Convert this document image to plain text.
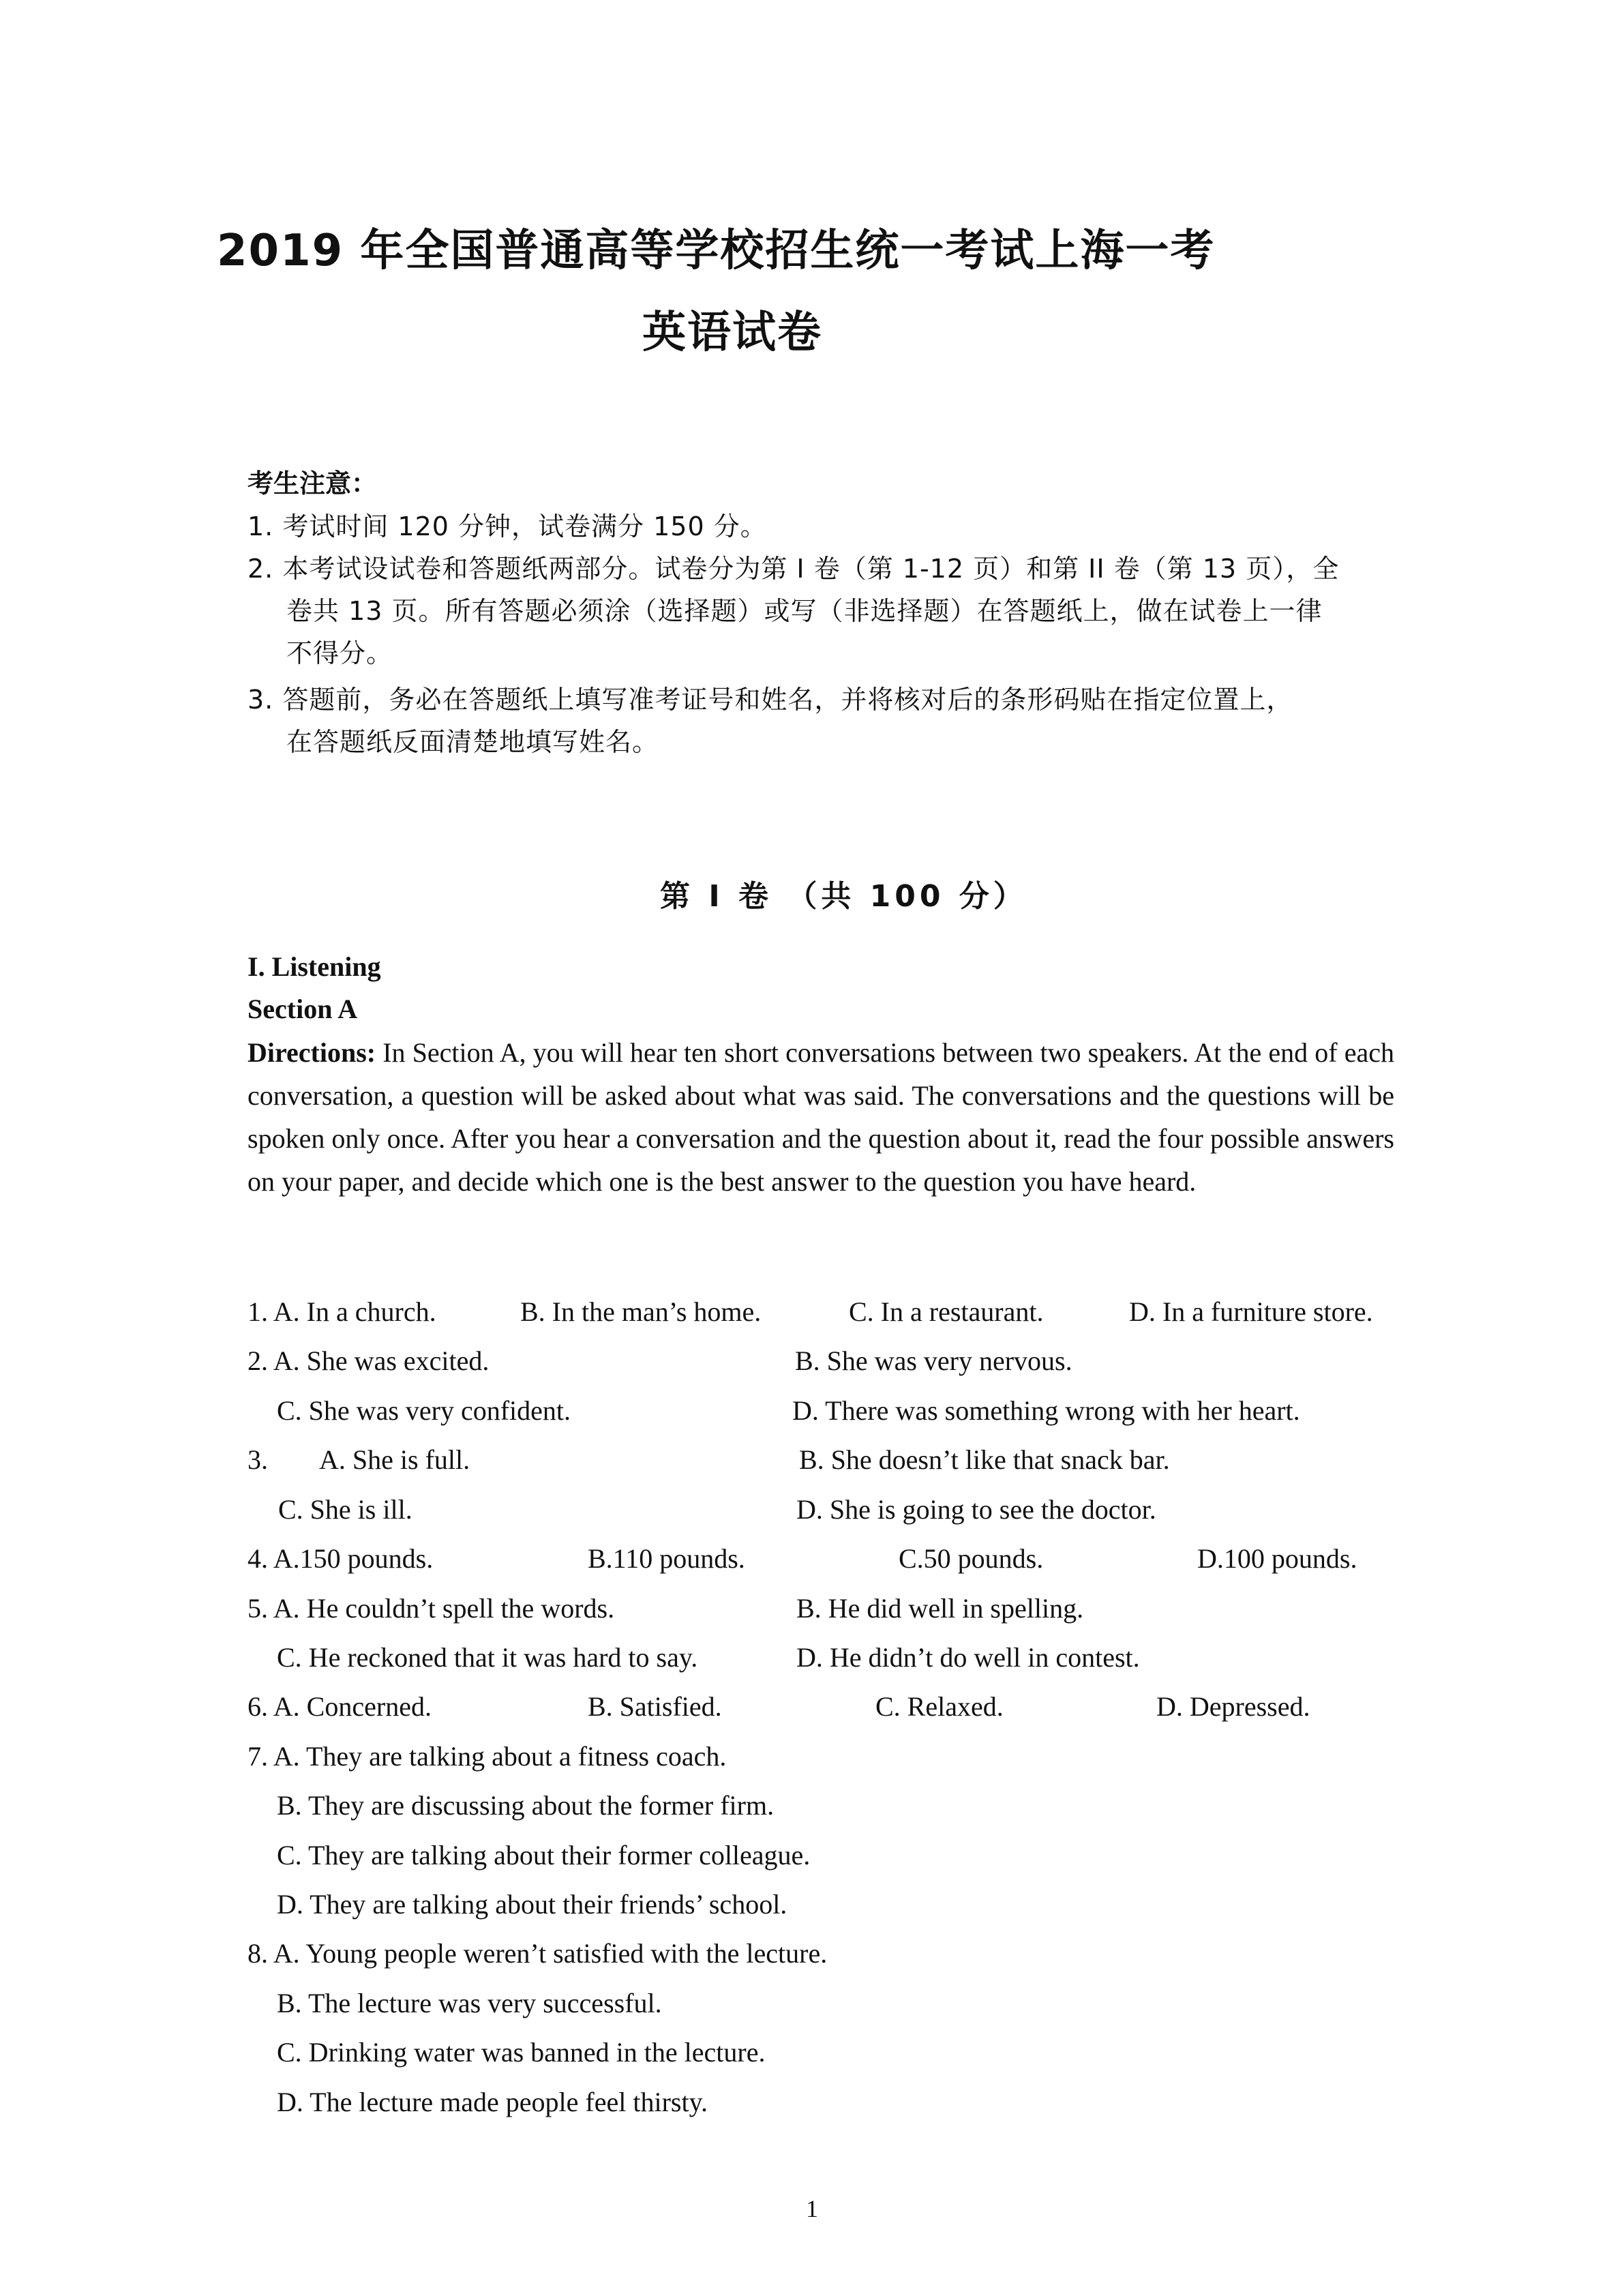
2019 年全国普通高等学校招生统一考试上海一考
英语试卷
考生注意：
1. 考试时间 120 分钟，试卷满分 150 分。
2. 本考试设试卷和答题纸两部分。试卷分为第 I 卷（第 1-12 页）和第 II 卷（第 13 页），全
卷共 13 页。所有答题必须涂（选择题）或写（非选择题）在答题纸上，做在试卷上一律
不得分。
3. 答题前，务必在答题纸上填写准考证号和姓名，并将核对后的条形码贴在指定位置上，
在答题纸反面清楚地填写姓名。
第 I 卷 （共 100 分）
I. Listening
Section A

Directions: In Section A, you will hear ten short conversations between two speakers. At the end of each conversation, a question will be asked about what was said. The conversations and the questions will be spoken only once. After you hear a conversation and the question about it, read the four possible answers on your paper, and decide which one is the best answer to the question you have heard.

1. A. In a church.	B. In the man’s home.	C. In a restaurant.	D. In a furniture store.
2. A. She was excited.	B. She was very nervous.
C. She was very confident.	D. There was something wrong with her heart.
3. A. She is full.	B. She doesn’t like that snack bar.
C. She is ill.	D. She is going to see the doctor.
4. A.150 pounds.	B.110 pounds.	C.50 pounds.	D.100 pounds.
5. A. He couldn’t spell the words.	B. He did well in spelling.
C. He reckoned that it was hard to say.	D. He didn’t do well in contest.
6. A. Concerned.	B. Satisfied.	C. Relaxed.	D. Depressed.
7. A. They are talking about a fitness coach.
B. They are discussing about the former firm.
C. They are talking about their former colleague.
D. They are talking about their friends’ school.
8. A. Young people weren’t satisfied with the lecture.
B. The lecture was very successful.
C. Drinking water was banned in the lecture.
D. The lecture made people feel thirsty.
1
